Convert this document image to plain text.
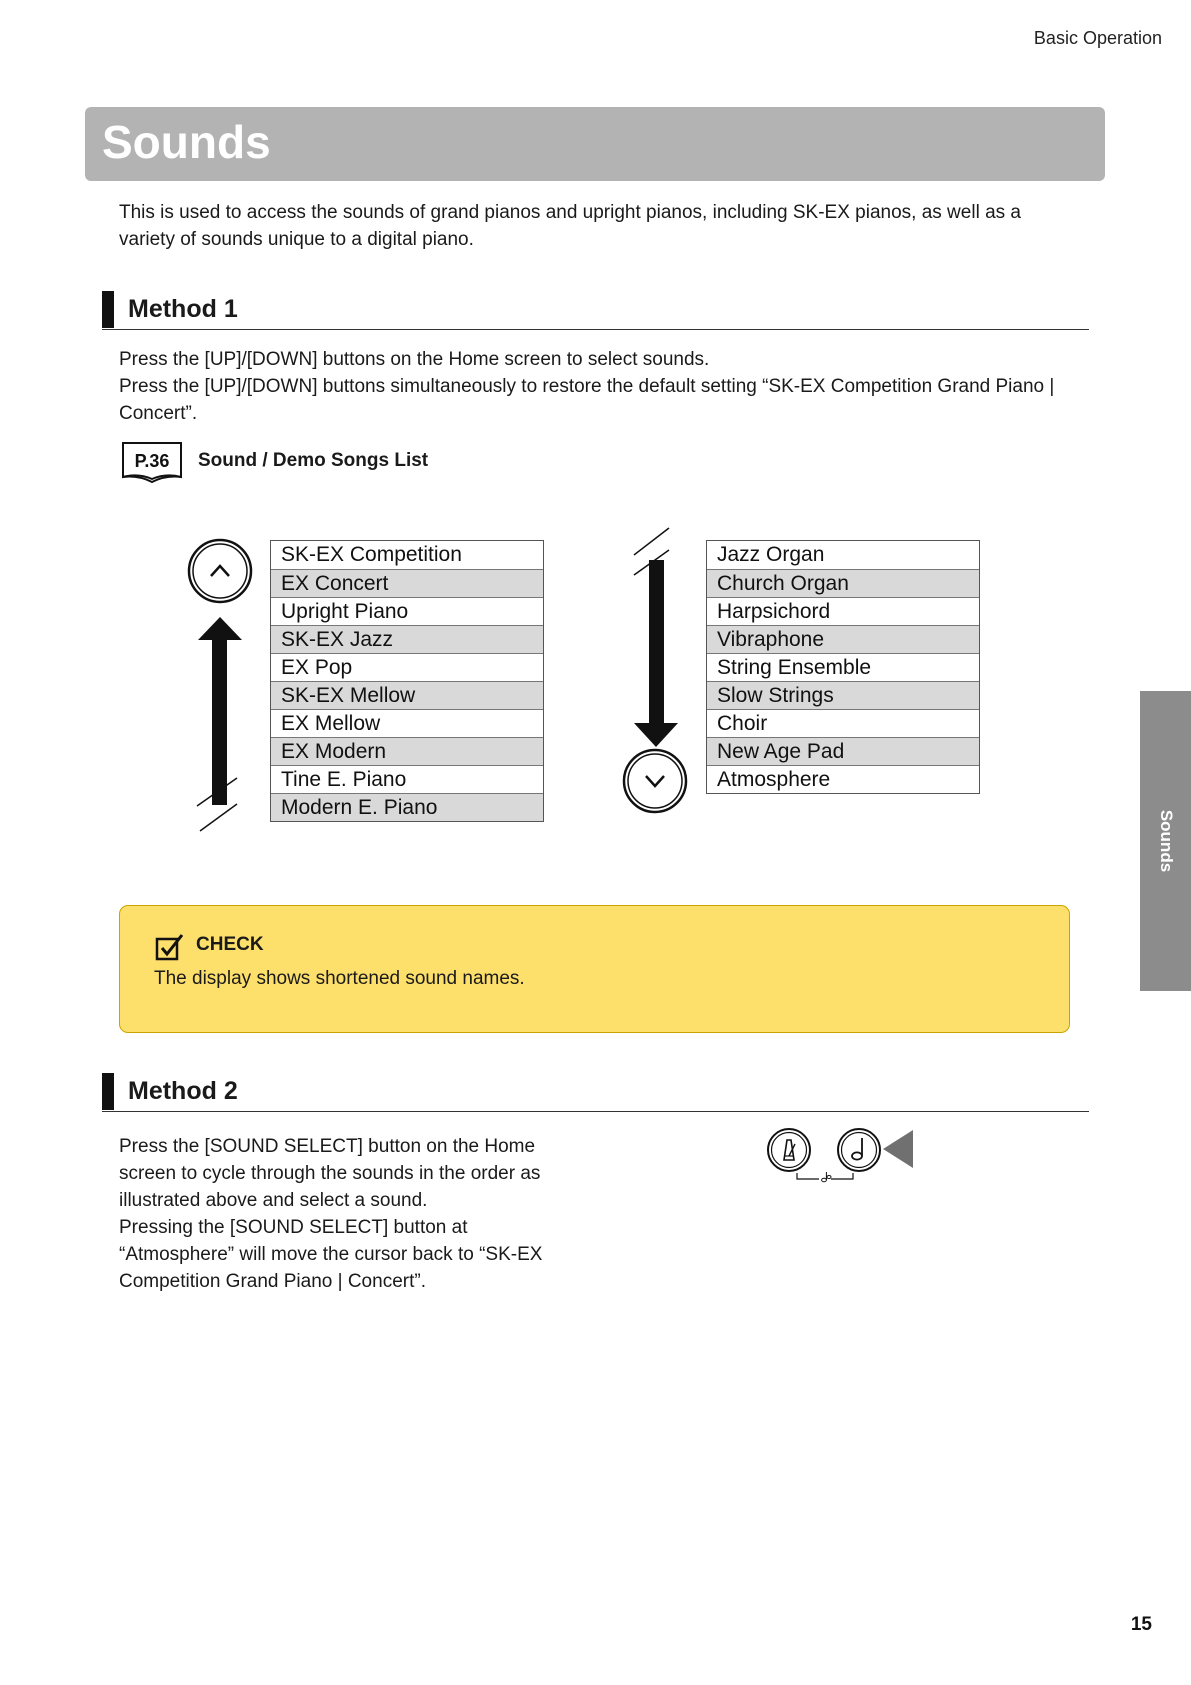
Basic Operation
Sounds
This is used to access the sounds of grand pianos and upright pianos, including SK-EX pianos, as well as a variety of sounds unique to a digital piano.
Method 1
Press the [UP]/[DOWN] buttons on the Home screen to select sounds.
Press the [UP]/[DOWN] buttons simultaneously to restore the default setting “SK-EX Competition Grand Piano | Concert”.
P.36 Sound / Demo Songs List
SK-EX Competition
EX Concert
Upright Piano
SK-EX Jazz
EX Pop
SK-EX Mellow
EX Mellow
EX Modern
Tine E. Piano
Modern E. Piano
Jazz Organ
Church Organ
Harpsichord
Vibraphone
String Ensemble
Slow Strings
Choir
New Age Pad
Atmosphere
CHECK
The display shows shortened sound names.
Method 2
Press the [SOUND SELECT] button on the Home screen to cycle through the sounds in the order as illustrated above and select a sound.
Pressing the [SOUND SELECT] button at “Atmosphere” will move the cursor back to “SK-EX Competition Grand Piano | Concert”.
Sounds
15
